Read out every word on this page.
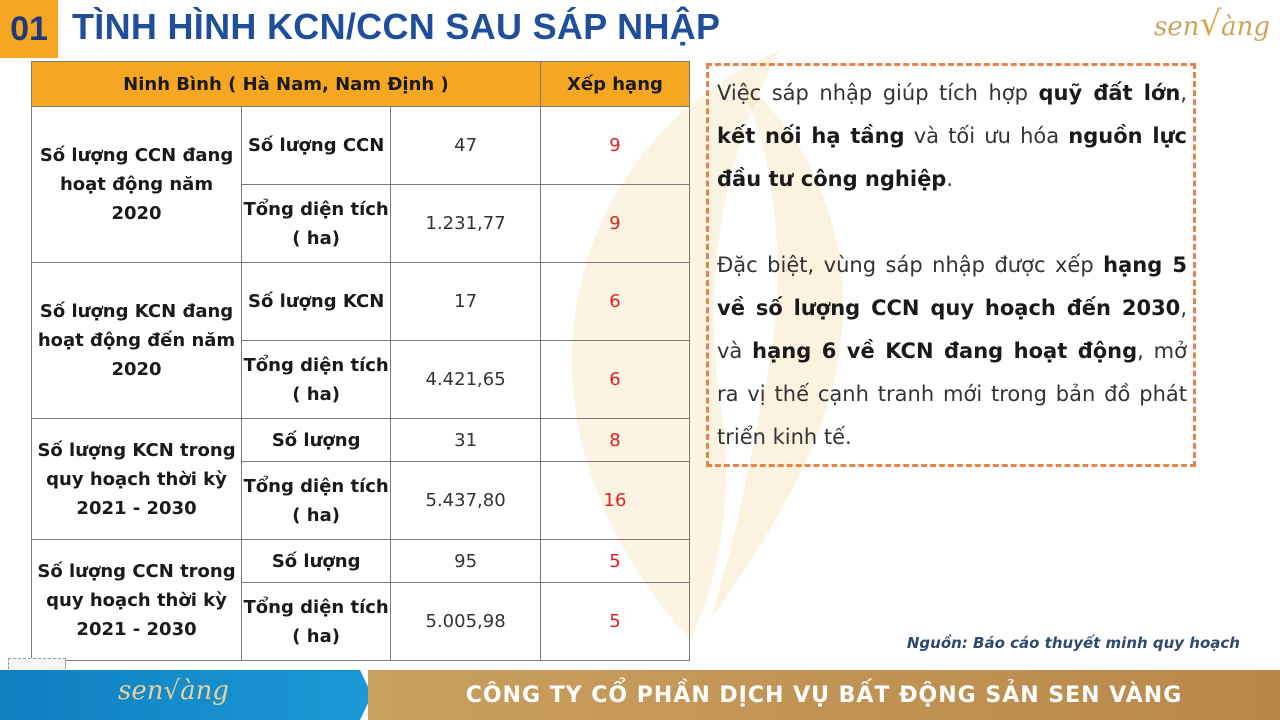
01 TÌNH HÌNH KCN/CCN SAU SÁP NHẬP	sen√àng
Ninh Bình ( Hà Nam, Nam Định )			Xếp hạng
Số lượng CCN đang hoạt động năm 2020	Số lượng CCN	47	9
	Tổng diện tích ( ha)	1.231,77	9
Số lượng KCN đang hoạt động đến năm 2020	Số lượng KCN	17	6
	Tổng diện tích ( ha)	4.421,65	6
Số lượng KCN trong quy hoạch thời kỳ 2021 - 2030	Số lượng	31	8
	Tổng diện tích ( ha)	5.437,80	16
Số lượng CCN trong quy hoạch thời kỳ 2021 - 2030	Số lượng	95	5
	Tổng diện tích ( ha)	5.005,98	5

Việc sáp nhập giúp tích hợp quỹ đất lớn, kết nối hạ tầng và tối ưu hóa nguồn lực đầu tư công nghiệp.

Đặc biệt, vùng sáp nhập được xếp hạng 5 về số lượng CCN quy hoạch đến 2030, và hạng 6 về KCN đang hoạt động, mở ra vị thế cạnh tranh mới trong bản đồ phát triển kinh tế.

Nguồn: Báo cáo thuyết minh quy hoạch
sen√àng	CÔNG TY CỔ PHẦN DỊCH VỤ BẤT ĐỘNG SẢN SEN VÀNG
